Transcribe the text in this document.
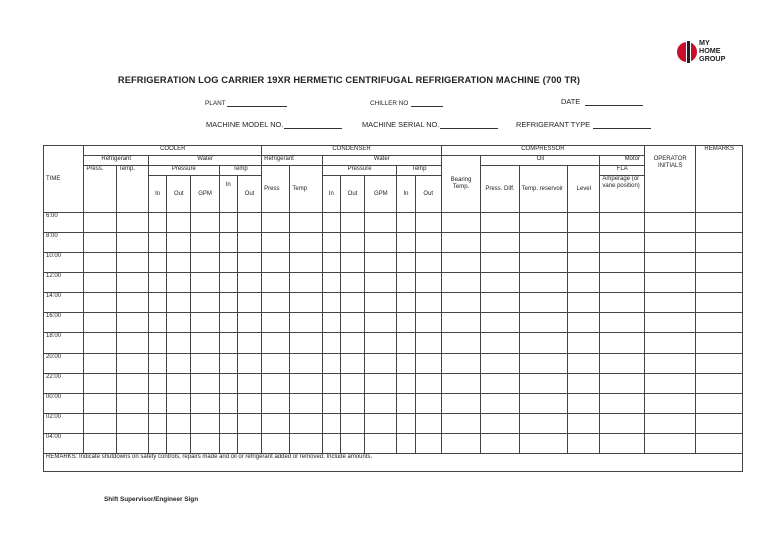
MY
HOME
GROUP
REFRIGERATION LOG CARRIER 19XR HERMETIC CENTRIFUGAL REFRIGERATION MACHINE (700 TR)
PLANT	CHILLER NO	DATE
MACHINE MODEL NO.	MACHINE SERIAL NO.	REFRIGERANT TYPE
TIME	COOLER							CONDENSER							COMPRESSOR					OPERATOR INITIALS	REMARKS
	Refrigerant		Water					Refrigerant		Water					Bearing Temp.	Oil			Motor		
	Press.	Temp.	Pressure			Temp		Press	Temp	Pressure			Temp			Press. Diff.	Temp. reservoir	Level	FLA		
			In	Out	GPM	In	Out			In	Out	GPM	In	Out					Amperage (or vane position)		
6:00																					
8:00																					
10:00																					
12:00																					
14:00																					
16:00																					
18:00																					
20:00																					
22:00																					
00:00																					
02:00																					
04:00																					
REMARKS: Indicate shutdowns on safety controls, repairs made and oil or refrigerant added or removed. Include amounts.																					
Shift Supervisor/Engineer Sign
